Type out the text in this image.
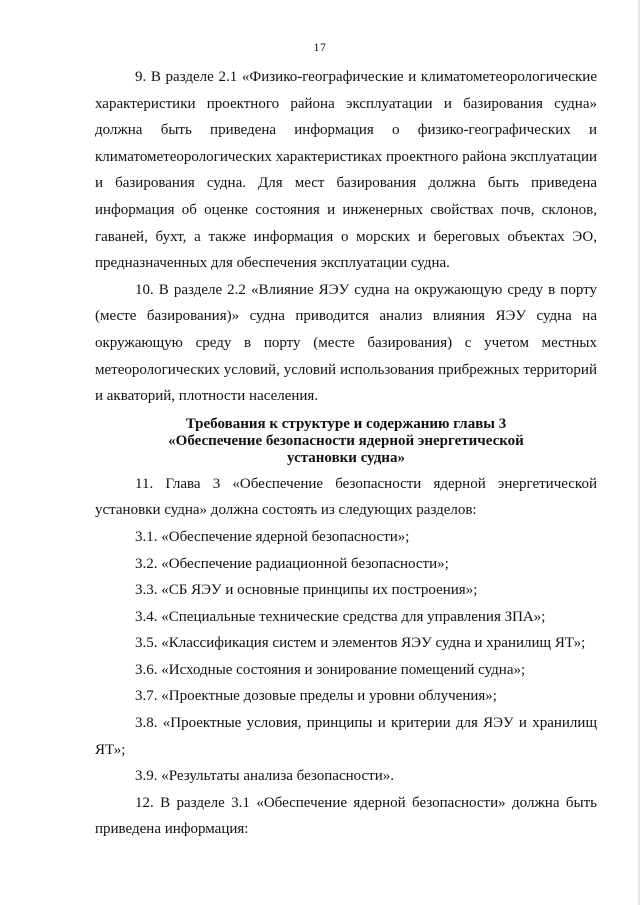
17

9. В разделе 2.1 «Физико-географические и климатометеорологические характеристики проектного района эксплуатации и базирования судна» должна быть приведена информация о физико-географических и климатометеорологических характеристиках проектного района эксплуатации и базирования судна. Для мест базирования должна быть приведена информация об оценке состояния и инженерных свойствах почв, склонов, гаваней, бухт, а также информация о морских и береговых объектах ЭО, предназначенных для обеспечения эксплуатации судна.

10. В разделе 2.2 «Влияние ЯЭУ судна на окружающую среду в порту (месте базирования)» судна приводится анализ влияния ЯЭУ судна на окружающую среду в порту (месте базирования) с учетом местных метеорологических условий, условий использования прибрежных территорий и акваторий, плотности населения.

Требования к структуре и содержанию главы 3
«Обеспечение безопасности ядерной энергетической
установки судна»

11. Глава 3 «Обеспечение безопасности ядерной энергетической установки судна» должна состоять из следующих разделов:

3.1. «Обеспечение ядерной безопасности»;

3.2. «Обеспечение радиационной безопасности»;

3.3. «СБ ЯЭУ и основные принципы их построения»;

3.4. «Специальные технические средства для управления ЗПА»;

3.5. «Классификация систем и элементов ЯЭУ судна и хранилищ ЯТ»;

3.6. «Исходные состояния и зонирование помещений судна»;

3.7. «Проектные дозовые пределы и уровни облучения»;

3.8. «Проектные условия, принципы и критерии для ЯЭУ и хранилищ ЯТ»;

3.9. «Результаты анализа безопасности».

12. В разделе 3.1 «Обеспечение ядерной безопасности» должна быть приведена информация:
